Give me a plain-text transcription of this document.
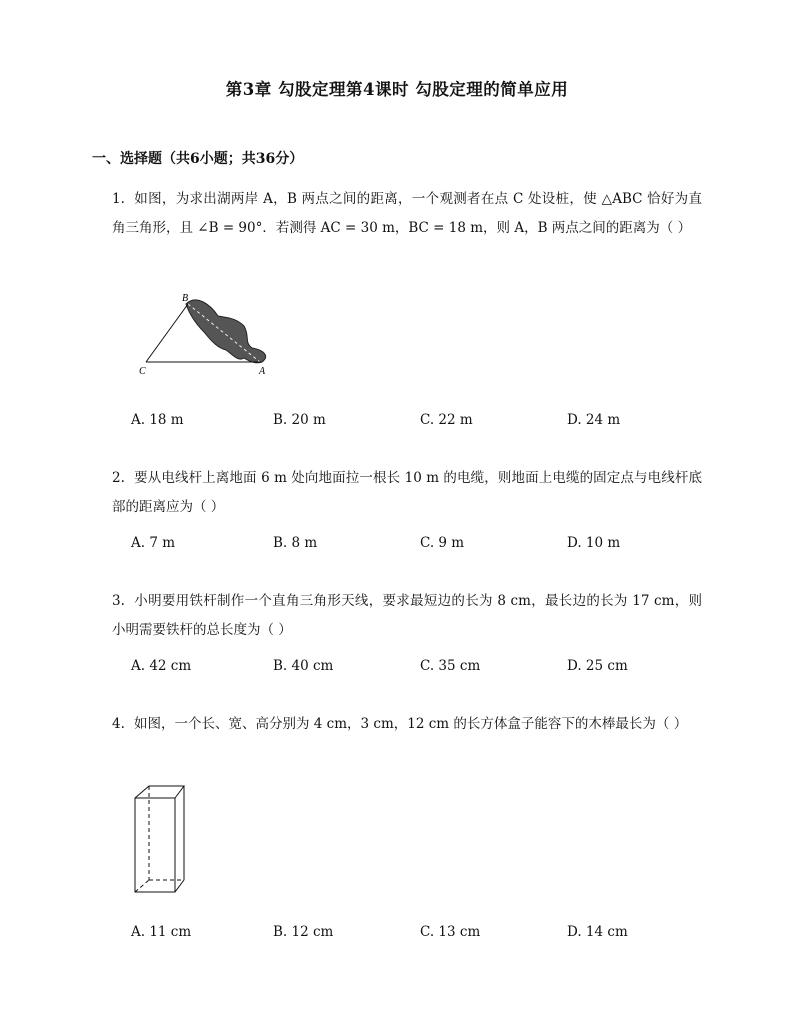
第3章 勾股定理第4课时 勾股定理的简单应用
一、选择题（共6小题；共36分）
1. 如图，为求出湖两岸 A，B 两点之间的距离，一个观测者在点 C 处设桩，使 △ABC 恰好为直角三角形，且 ∠B = 90°．若测得 AC = 30 m，BC = 18 m，则 A，B 两点之间的距离为（ ）
B
C	A
A. 18 m	B. 20 m	C. 22 m	D. 24 m
2. 要从电线杆上离地面 6 m 处向地面拉一根长 10 m 的电缆，则地面上电缆的固定点与电线杆底部的距离应为（ ）
A. 7 m	B. 8 m	C. 9 m	D. 10 m
3. 小明要用铁杆制作一个直角三角形天线，要求最短边的长为 8 cm，最长边的长为 17 cm，则小明需要铁杆的总长度为（ ）
A. 42 cm	B. 40 cm	C. 35 cm	D. 25 cm
4. 如图，一个长、宽、高分别为 4 cm，3 cm，12 cm 的长方体盒子能容下的木棒最长为（ ）
A. 11 cm	B. 12 cm	C. 13 cm	D. 14 cm
